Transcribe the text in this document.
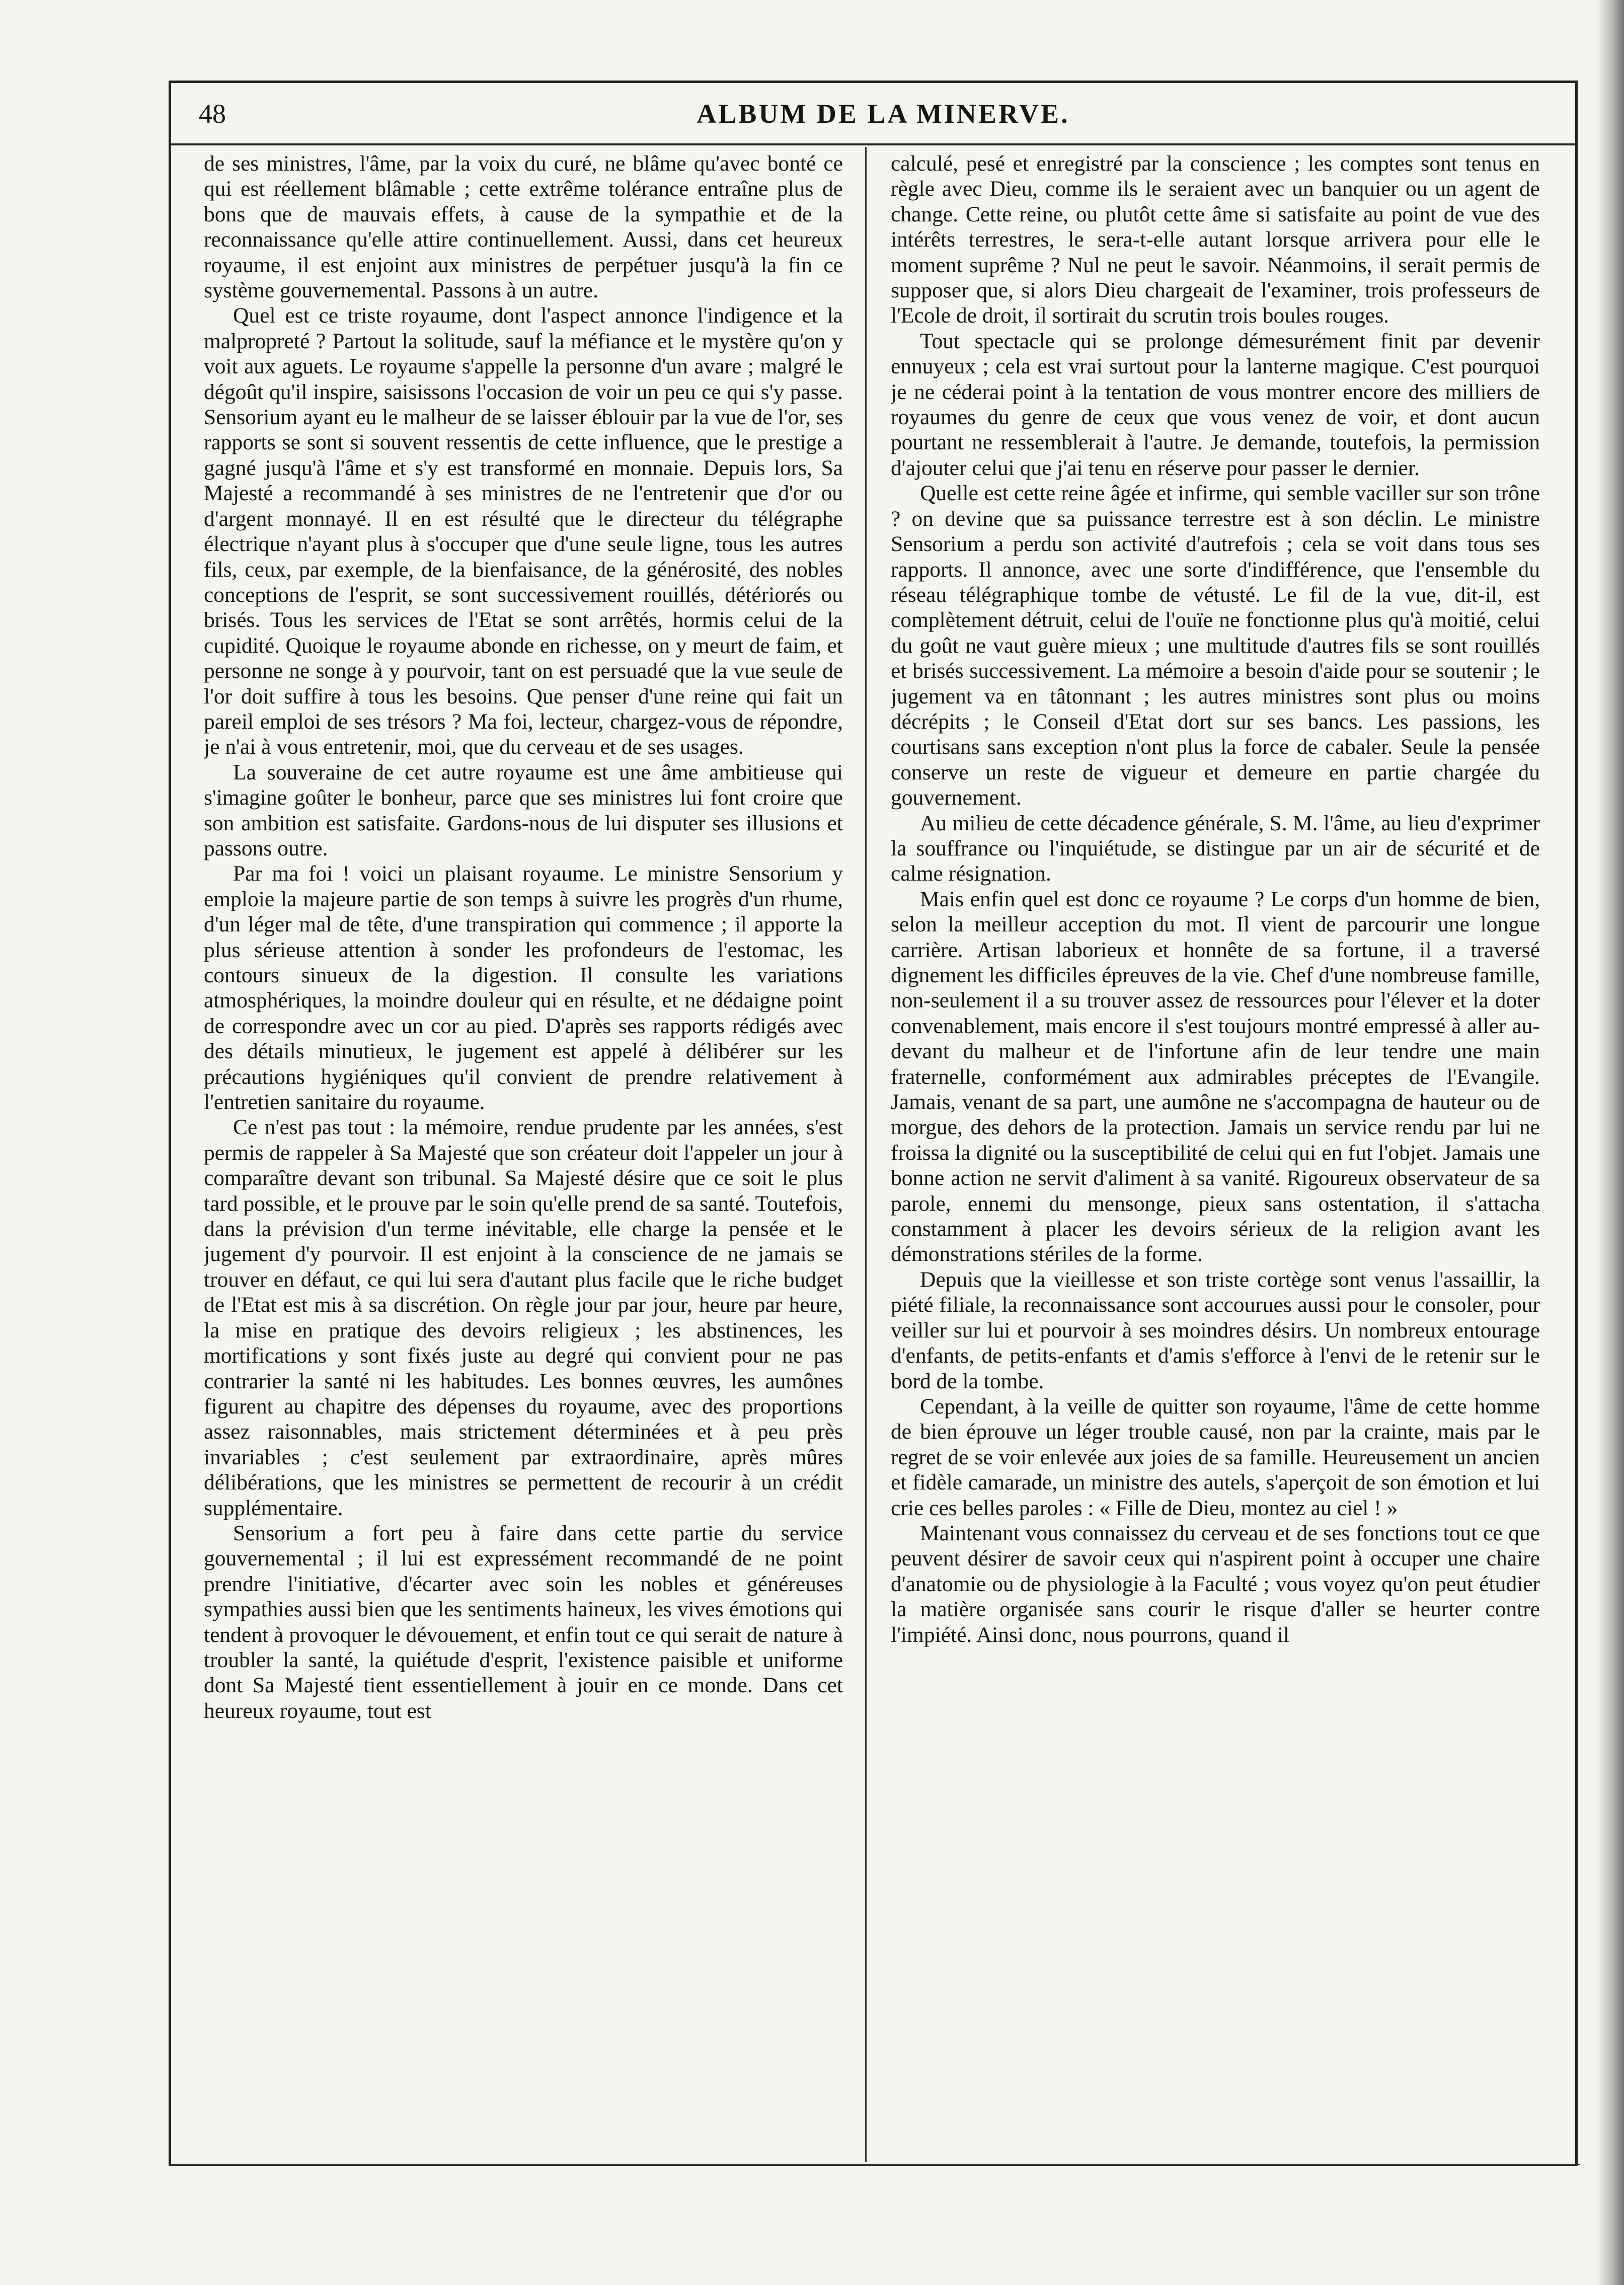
48	ALBUM DE LA MINERVE.

de ses ministres, l'âme, par la voix du curé, ne blâme qu'avec bonté ce qui est réellement blâmable ; cette extrême tolérance entraîne plus de bons que de mauvais effets, à cause de la sympathie et de la reconnaissance qu'elle attire continuellement. Aussi, dans cet heureux royaume, il est enjoint aux ministres de perpétuer jusqu'à la fin ce système gouvernemental. Passons à un autre.

Quel est ce triste royaume, dont l'aspect annonce l'indigence et la malpropreté ? Partout la solitude, sauf la méfiance et le mystère qu'on y voit aux aguets. Le royaume s'appelle la personne d'un avare ; malgré le dégoût qu'il inspire, saisissons l'occasion de voir un peu ce qui s'y passe. Sensorium ayant eu le malheur de se laisser éblouir par la vue de l'or, ses rapports se sont si souvent ressentis de cette influence, que le prestige a gagné jusqu'à l'âme et s'y est transformé en monnaie. Depuis lors, Sa Majesté a recommandé à ses ministres de ne l'entretenir que d'or ou d'argent monnayé. Il en est résulté que le directeur du télégraphe électrique n'ayant plus à s'occuper que d'une seule ligne, tous les autres fils, ceux, par exemple, de la bienfaisance, de la générosité, des nobles conceptions de l'esprit, se sont successivement rouillés, détériorés ou brisés. Tous les services de l'Etat se sont arrêtés, hormis celui de la cupidité. Quoique le royaume abonde en richesse, on y meurt de faim, et personne ne songe à y pourvoir, tant on est persuadé que la vue seule de l'or doit suffire à tous les besoins. Que penser d'une reine qui fait un pareil emploi de ses trésors ? Ma foi, lecteur, chargez-vous de répondre, je n'ai à vous entretenir, moi, que du cerveau et de ses usages.

La souveraine de cet autre royaume est une âme ambitieuse qui s'imagine goûter le bonheur, parce que ses ministres lui font croire que son ambition est satisfaite. Gardons-nous de lui disputer ses illusions et passons outre.

Par ma foi ! voici un plaisant royaume. Le ministre Sensorium y emploie la majeure partie de son temps à suivre les progrès d'un rhume, d'un léger mal de tête, d'une transpiration qui commence ; il apporte la plus sérieuse attention à sonder les profondeurs de l'estomac, les contours sinueux de la digestion. Il consulte les variations atmosphériques, la moindre douleur qui en résulte, et ne dédaigne point de correspondre avec un cor au pied. D'après ses rapports rédigés avec des détails minutieux, le jugement est appelé à délibérer sur les précautions hygiéniques qu'il convient de prendre relativement à l'entretien sanitaire du royaume.

Ce n'est pas tout : la mémoire, rendue prudente par les années, s'est permis de rappeler à Sa Majesté que son créateur doit l'appeler un jour à comparaître devant son tribunal. Sa Majesté désire que ce soit le plus tard possible, et le prouve par le soin qu'elle prend de sa santé. Toutefois, dans la prévision d'un terme inévitable, elle charge la pensée et le jugement d'y pourvoir. Il est enjoint à la conscience de ne jamais se trouver en défaut, ce qui lui sera d'autant plus facile que le riche budget de l'Etat est mis à sa discrétion. On règle jour par jour, heure par heure, la mise en pratique des devoirs religieux ; les abstinences, les mortifications y sont fixés juste au degré qui convient pour ne pas contrarier la santé ni les habitudes. Les bonnes œuvres, les aumônes figurent au chapitre des dépenses du royaume, avec des proportions assez raisonnables, mais strictement déterminées et à peu près invariables ; c'est seulement par extraordinaire, après mûres délibérations, que les ministres se permettent de recourir à un crédit supplémentaire.

Sensorium a fort peu à faire dans cette partie du service gouvernemental ; il lui est expressément recommandé de ne point prendre l'initiative, d'écarter avec soin les nobles et généreuses sympathies aussi bien que les sentiments haineux, les vives émotions qui tendent à provoquer le dévouement, et enfin tout ce qui serait de nature à troubler la santé, la quiétude d'esprit, l'existence paisible et uniforme dont Sa Majesté tient essentiellement à jouir en ce monde. Dans cet heureux royaume, tout est

calculé, pesé et enregistré par la conscience ; les comptes sont tenus en règle avec Dieu, comme ils le seraient avec un banquier ou un agent de change. Cette reine, ou plutôt cette âme si satisfaite au point de vue des intérêts terrestres, le sera-t-elle autant lorsque arrivera pour elle le moment suprême ? Nul ne peut le savoir. Néanmoins, il serait permis de supposer que, si alors Dieu chargeait de l'examiner, trois professeurs de l'Ecole de droit, il sortirait du scrutin trois boules rouges.

Tout spectacle qui se prolonge démesurément finit par devenir ennuyeux ; cela est vrai surtout pour la lanterne magique. C'est pourquoi je ne céderai point à la tentation de vous montrer encore des milliers de royaumes du genre de ceux que vous venez de voir, et dont aucun pourtant ne ressemblerait à l'autre. Je demande, toutefois, la permission d'ajouter celui que j'ai tenu en réserve pour passer le dernier.

Quelle est cette reine âgée et infirme, qui semble vaciller sur son trône ? on devine que sa puissance terrestre est à son déclin. Le ministre Sensorium a perdu son activité d'autrefois ; cela se voit dans tous ses rapports. Il annonce, avec une sorte d'indifférence, que l'ensemble du réseau télégraphique tombe de vétusté. Le fil de la vue, dit-il, est complètement détruit, celui de l'ouïe ne fonctionne plus qu'à moitié, celui du goût ne vaut guère mieux ; une multitude d'autres fils se sont rouillés et brisés successivement. La mémoire a besoin d'aide pour se soutenir ; le jugement va en tâtonnant ; les autres ministres sont plus ou moins décrépits ; le Conseil d'Etat dort sur ses bancs. Les passions, les courtisans sans exception n'ont plus la force de cabaler. Seule la pensée conserve un reste de vigueur et demeure en partie chargée du gouvernement.

Au milieu de cette décadence générale, S. M. l'âme, au lieu d'exprimer la souffrance ou l'inquiétude, se distingue par un air de sécurité et de calme résignation.

Mais enfin quel est donc ce royaume ? Le corps d'un homme de bien, selon la meilleur acception du mot. Il vient de parcourir une longue carrière. Artisan laborieux et honnête de sa fortune, il a traversé dignement les difficiles épreuves de la vie. Chef d'une nombreuse famille, non-seulement il a su trouver assez de ressources pour l'élever et la doter convenablement, mais encore il s'est toujours montré empressé à aller au-devant du malheur et de l'infortune afin de leur tendre une main fraternelle, conformément aux admirables préceptes de l'Evangile. Jamais, venant de sa part, une aumône ne s'accompagna de hauteur ou de morgue, des dehors de la protection. Jamais un service rendu par lui ne froissa la dignité ou la susceptibilité de celui qui en fut l'objet. Jamais une bonne action ne servit d'aliment à sa vanité. Rigoureux observateur de sa parole, ennemi du mensonge, pieux sans ostentation, il s'attacha constamment à placer les devoirs sérieux de la religion avant les démonstrations stériles de la forme.

Depuis que la vieillesse et son triste cortège sont venus l'assaillir, la piété filiale, la reconnaissance sont accourues aussi pour le consoler, pour veiller sur lui et pourvoir à ses moindres désirs. Un nombreux entourage d'enfants, de petits-enfants et d'amis s'efforce à l'envi de le retenir sur le bord de la tombe.

Cependant, à la veille de quitter son royaume, l'âme de cette homme de bien éprouve un léger trouble causé, non par la crainte, mais par le regret de se voir enlevée aux joies de sa famille. Heureusement un ancien et fidèle camarade, un ministre des autels, s'aperçoit de son émotion et lui crie ces belles paroles : « Fille de Dieu, montez au ciel ! »

Maintenant vous connaissez du cerveau et de ses fonctions tout ce que peuvent désirer de savoir ceux qui n'aspirent point à occuper une chaire d'anatomie ou de physiologie à la Faculté ; vous voyez qu'on peut étudier la matière organisée sans courir le risque d'aller se heurter contre l'impiété. Ainsi donc, nous pourrons, quand il
